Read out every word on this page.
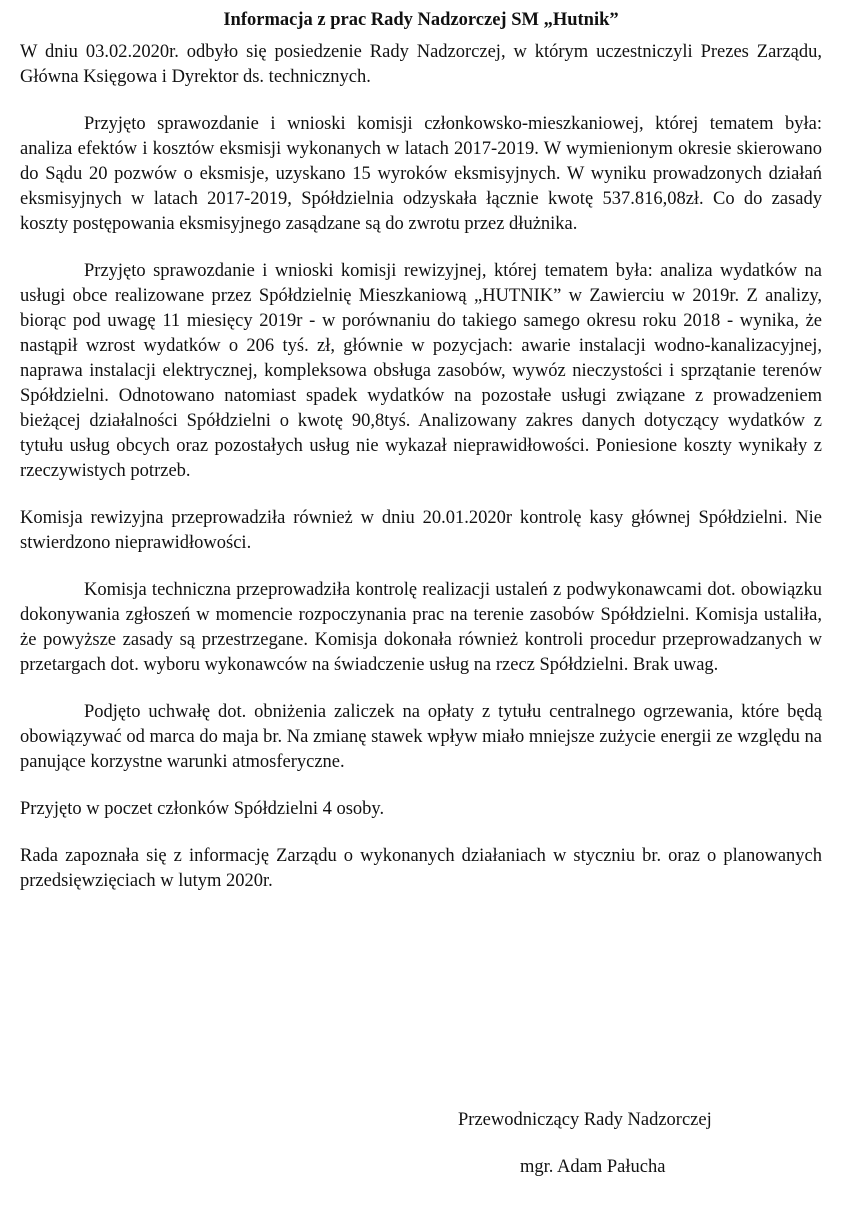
Informacja z prac Rady Nadzorczej SM „Hutnik”

W dniu 03.02.2020r. odbyło się posiedzenie Rady Nadzorczej, w którym uczestniczyli Prezes Zarządu, Główna Księgowa i Dyrektor ds. technicznych.

Przyjęto sprawozdanie i wnioski komisji członkowsko-mieszkaniowej, której tematem była: analiza efektów i kosztów eksmisji wykonanych w latach 2017-2019. W wymienionym okresie skierowano do Sądu 20 pozwów o eksmisje, uzyskano 15 wyroków eksmisyjnych. W wyniku prowadzonych działań eksmisyjnych w latach 2017-2019, Spółdzielnia odzyskała łącznie kwotę 537.816,08zł. Co do zasady koszty postępowania eksmisyjnego zasądzane są do zwrotu przez dłużnika.

Przyjęto sprawozdanie i wnioski komisji rewizyjnej, której tematem była: analiza wydatków na usługi obce realizowane przez Spółdzielnię Mieszkaniową „HUTNIK” w Zawierciu w 2019r. Z analizy, biorąc pod uwagę 11 miesięcy 2019r - w porównaniu do takiego samego okresu roku 2018 - wynika, że nastąpił wzrost wydatków o 206 tyś. zł, głównie w pozycjach: awarie instalacji wodno-kanalizacyjnej, naprawa instalacji elektrycznej, kompleksowa obsługa zasobów, wywóz nieczystości i sprzątanie terenów Spółdzielni. Odnotowano natomiast spadek wydatków na pozostałe usługi związane z prowadzeniem bieżącej działalności Spółdzielni o kwotę 90,8tyś. Analizowany zakres danych dotyczący wydatków z tytułu usług obcych oraz pozostałych usług nie wykazał nieprawidłowości. Poniesione koszty wynikały z rzeczywistych potrzeb.

Komisja rewizyjna przeprowadziła również w dniu 20.01.2020r kontrolę kasy głównej Spółdzielni. Nie stwierdzono nieprawidłowości.

Komisja techniczna przeprowadziła kontrolę realizacji ustaleń z podwykonawcami dot. obowiązku dokonywania zgłoszeń w momencie rozpoczynania prac na terenie zasobów Spółdzielni. Komisja ustaliła, że powyższe zasady są przestrzegane. Komisja dokonała również kontroli procedur przeprowadzanych w przetargach dot. wyboru wykonawców na świadczenie usług na rzecz Spółdzielni. Brak uwag.

Podjęto uchwałę dot. obniżenia zaliczek na opłaty z tytułu centralnego ogrzewania, które będą obowiązywać od marca do maja br. Na zmianę stawek wpływ miało mniejsze zużycie energii ze względu na panujące korzystne warunki atmosferyczne.

Przyjęto w poczet członków Spółdzielni 4 osoby.

Rada zapoznała się z informację Zarządu o wykonanych działaniach w styczniu br. oraz o planowanych przedsięwzięciach w lutym 2020r.

Przewodniczący Rady Nadzorczej
mgr. Adam Pałucha
